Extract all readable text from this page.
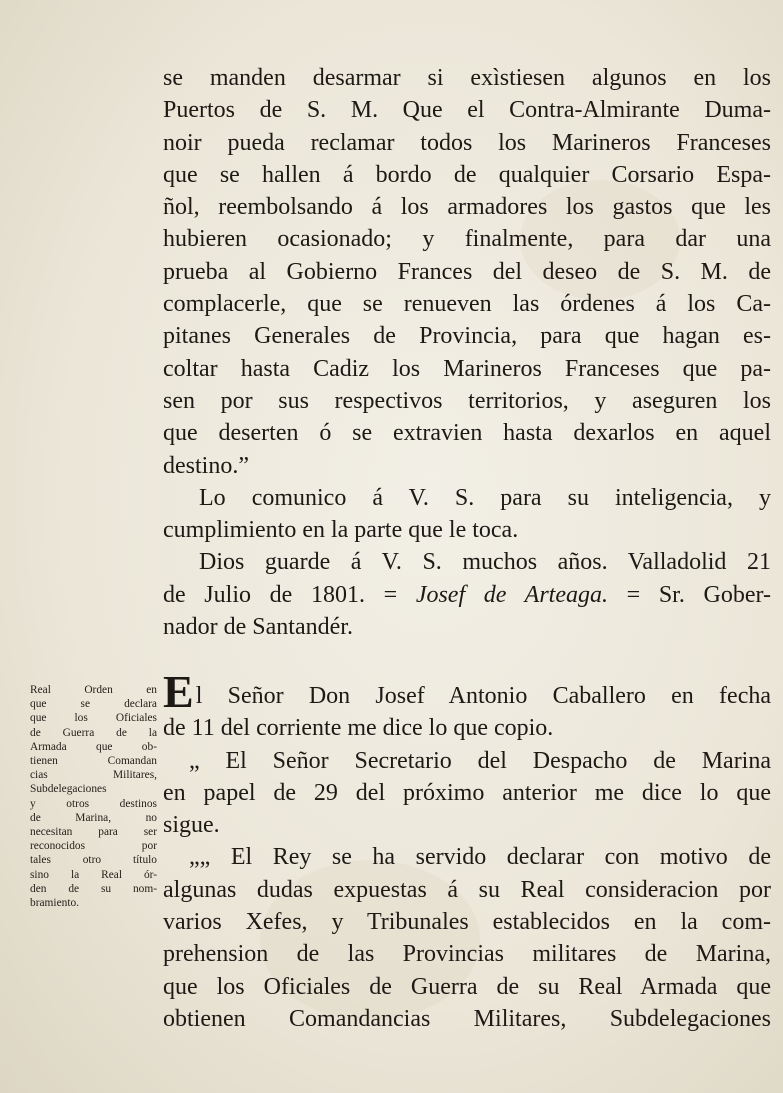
se manden desarmar si exìstiesen algunos en los
Puertos de S. M. Que el Contra-Almirante Duma-
noir pueda reclamar todos los Marineros Franceses
que se hallen á bordo de qualquier Corsario Espa-
ñol, reembolsando á los armadores los gastos que les
hubieren ocasionado; y finalmente, para dar una
prueba al Gobierno Frances del deseo de S. M. de
complacerle, que se renueven las órdenes á los Ca-
pitanes Generales de Provincia, para que hagan es-
coltar hasta Cadiz los Marineros Franceses que pa-
sen por sus respectivos territorios, y aseguren los
que deserten ó se extravien hasta dexarlos en aquel
destino.”
Lo comunico á V. S. para su inteligencia, y
cumplimiento en la parte que le toca.
Dios guarde á V. S. muchos años. Valladolid 21
de Julio de 1801. = Josef de Arteaga. = Sr. Gober-
nador de Santandér.
Real Orden en
que se declara
que los Oficiales
de Guerra de la
Armada que ob-
tienen Comandan
cias Militares,
Subdelegaciones
y otros destinos
de Marina, no
necesitan para ser
reconocidos por
tales otro título
sino la Real ór-
den de su nom-
bramiento.
El Señor Don Josef Antonio Caballero en fecha
de 11 del corriente me dice lo que copio.
„ El Señor Secretario del Despacho de Marina
en papel de 29 del próximo anterior me dice lo que
sigue.
„„ El Rey se ha servido declarar con motivo de
algunas dudas expuestas á su Real consideracion por
varios Xefes, y Tribunales establecidos en la com-
prehension de las Provincias militares de Marina,
que los Oficiales de Guerra de su Real Armada que
obtienen Comandancias Militares, Subdelegaciones
